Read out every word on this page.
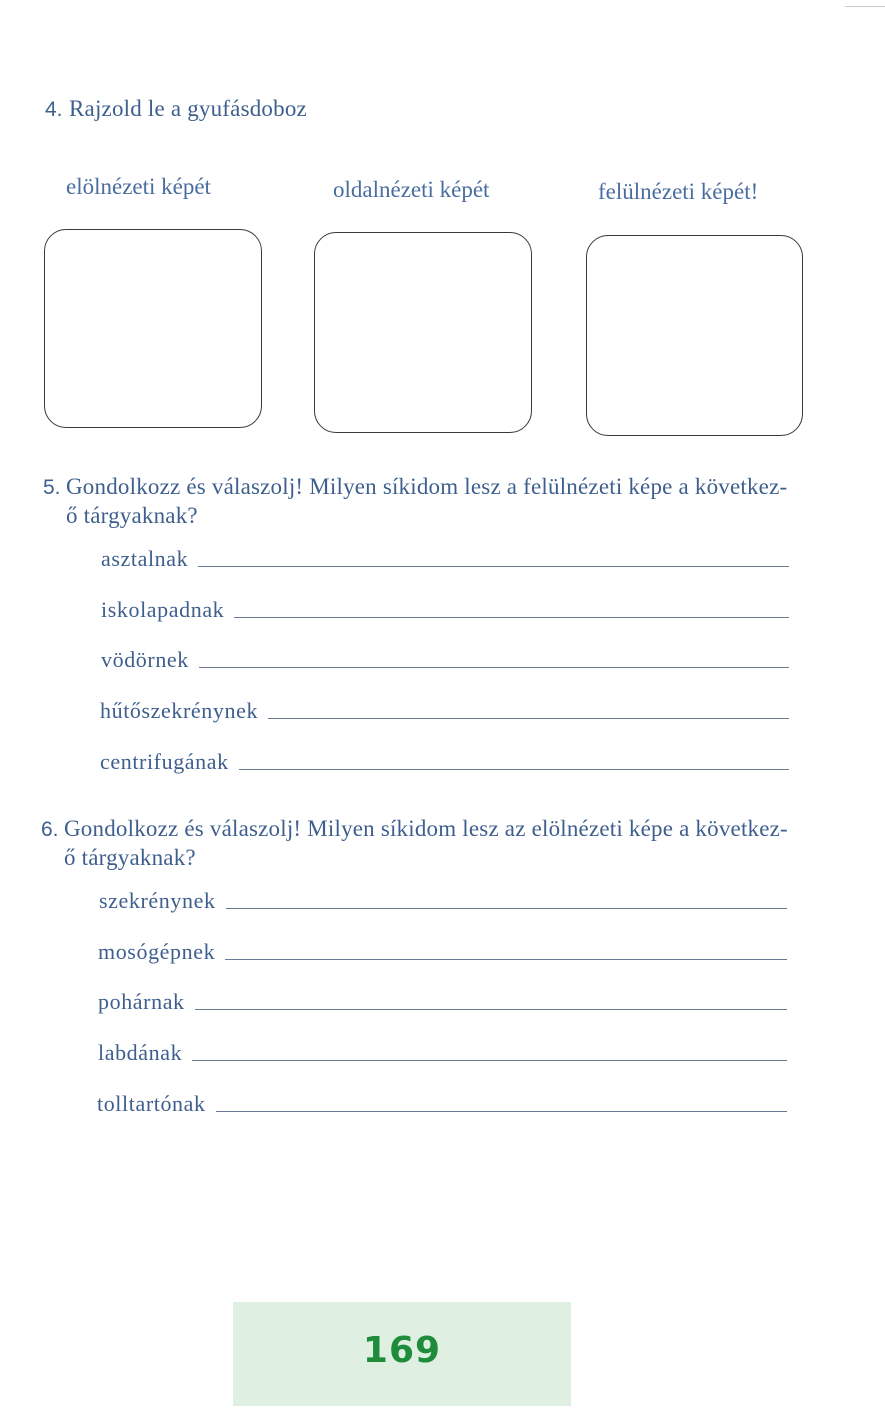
4. Rajzold le a gyufásdoboz
elölnézeti képét	oldalnézeti képét	felülnézeti képét!
5. Gondolkozz és válaszolj! Milyen síkidom lesz a felülnézeti képe a következ-
ő tárgyaknak?
asztalnak
iskolapadnak
vödörnek
hűtőszekrénynek
centrifugának
6. Gondolkozz és válaszolj! Milyen síkidom lesz az elölnézeti képe a következ-
ő tárgyaknak?
szekrénynek
mosógépnek
pohárnak
labdának
tolltartónak
169
